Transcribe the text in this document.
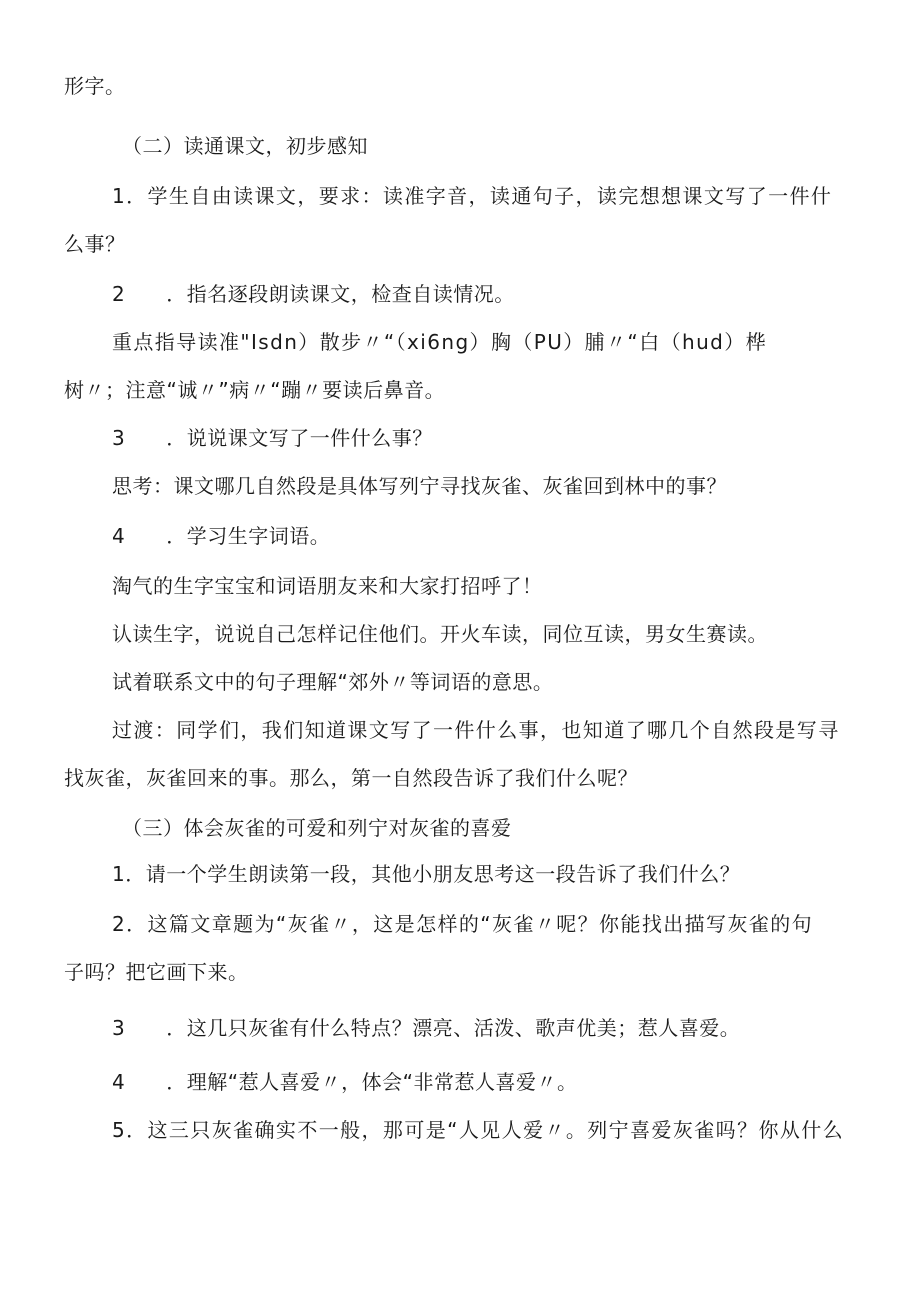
形字。

（二）读通课文，初步感知

1．学生自由读课文，要求：读准字音，读通句子，读完想想课文写了一件什

么事？

2　　．指名逐段朗读课文，检查自读情况。

重点指导读准"Isdn）散步〃“（xi6ng）胸（PU）脯〃“白（hud）桦

树〃；注意“诚〃”病〃“蹦〃要读后鼻音。

3　　．说说课文写了一件什么事？

思考：课文哪几自然段是具体写列宁寻找灰雀、灰雀回到林中的事？

4　　．学习生字词语。

淘气的生字宝宝和词语朋友来和大家打招呼了！

认读生字，说说自己怎样记住他们。开火车读，同位互读，男女生赛读。

试着联系文中的句子理解“郊外〃等词语的意思。

过渡：同学们，我们知道课文写了一件什么事，也知道了哪几个自然段是写寻

找灰雀，灰雀回来的事。那么，第一自然段告诉了我们什么呢？

（三）体会灰雀的可爱和列宁对灰雀的喜爱

1．请一个学生朗读第一段，其他小朋友思考这一段告诉了我们什么？

2．这篇文章题为“灰雀〃，这是怎样的“灰雀〃呢？你能找出描写灰雀的句

子吗？把它画下来。

3　　．这几只灰雀有什么特点？漂亮、活泼、歌声优美；惹人喜爱。

4　　．理解“惹人喜爱〃，体会“非常惹人喜爱〃。

5．这三只灰雀确实不一般，那可是“人见人爱〃。列宁喜爱灰雀吗？你从什么
